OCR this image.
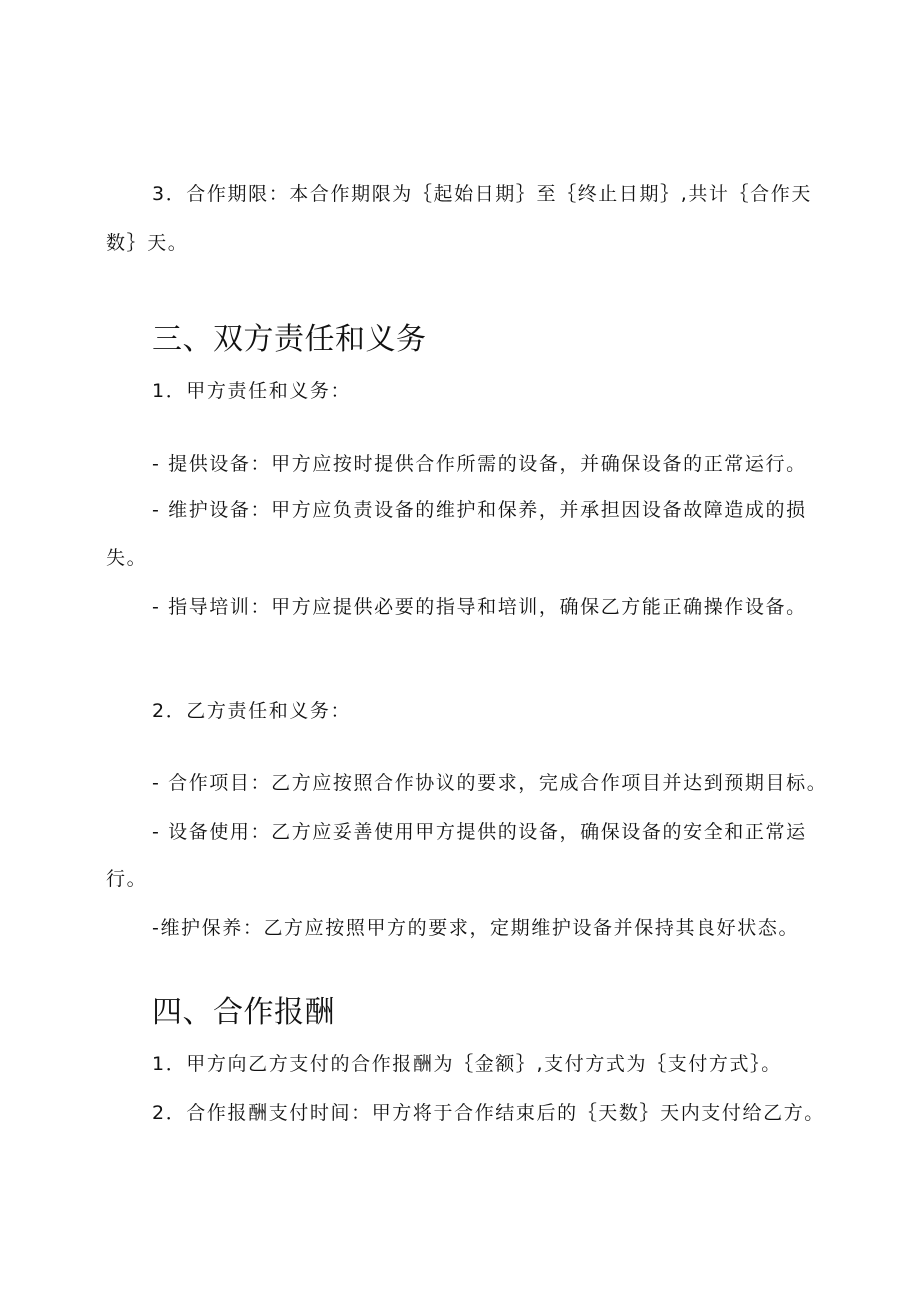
3．合作期限：本合作期限为｛起始日期｝至｛终止日期｝,共计｛合作天
数｝天。
三、双方责任和义务
1．甲方责任和义务：
- 提供设备：甲方应按时提供合作所需的设备，并确保设备的正常运行。
- 维护设备：甲方应负责设备的维护和保养，并承担因设备故障造成的损
失。
- 指导培训：甲方应提供必要的指导和培训，确保乙方能正确操作设备。
2．乙方责任和义务：
- 合作项目：乙方应按照合作协议的要求，完成合作项目并达到预期目标。
- 设备使用：乙方应妥善使用甲方提供的设备，确保设备的安全和正常运
行。
-维护保养：乙方应按照甲方的要求，定期维护设备并保持其良好状态。
四、合作报酬
1．甲方向乙方支付的合作报酬为｛金额｝,支付方式为｛支付方式｝。
2．合作报酬支付时间：甲方将于合作结束后的｛天数｝天内支付给乙方。
